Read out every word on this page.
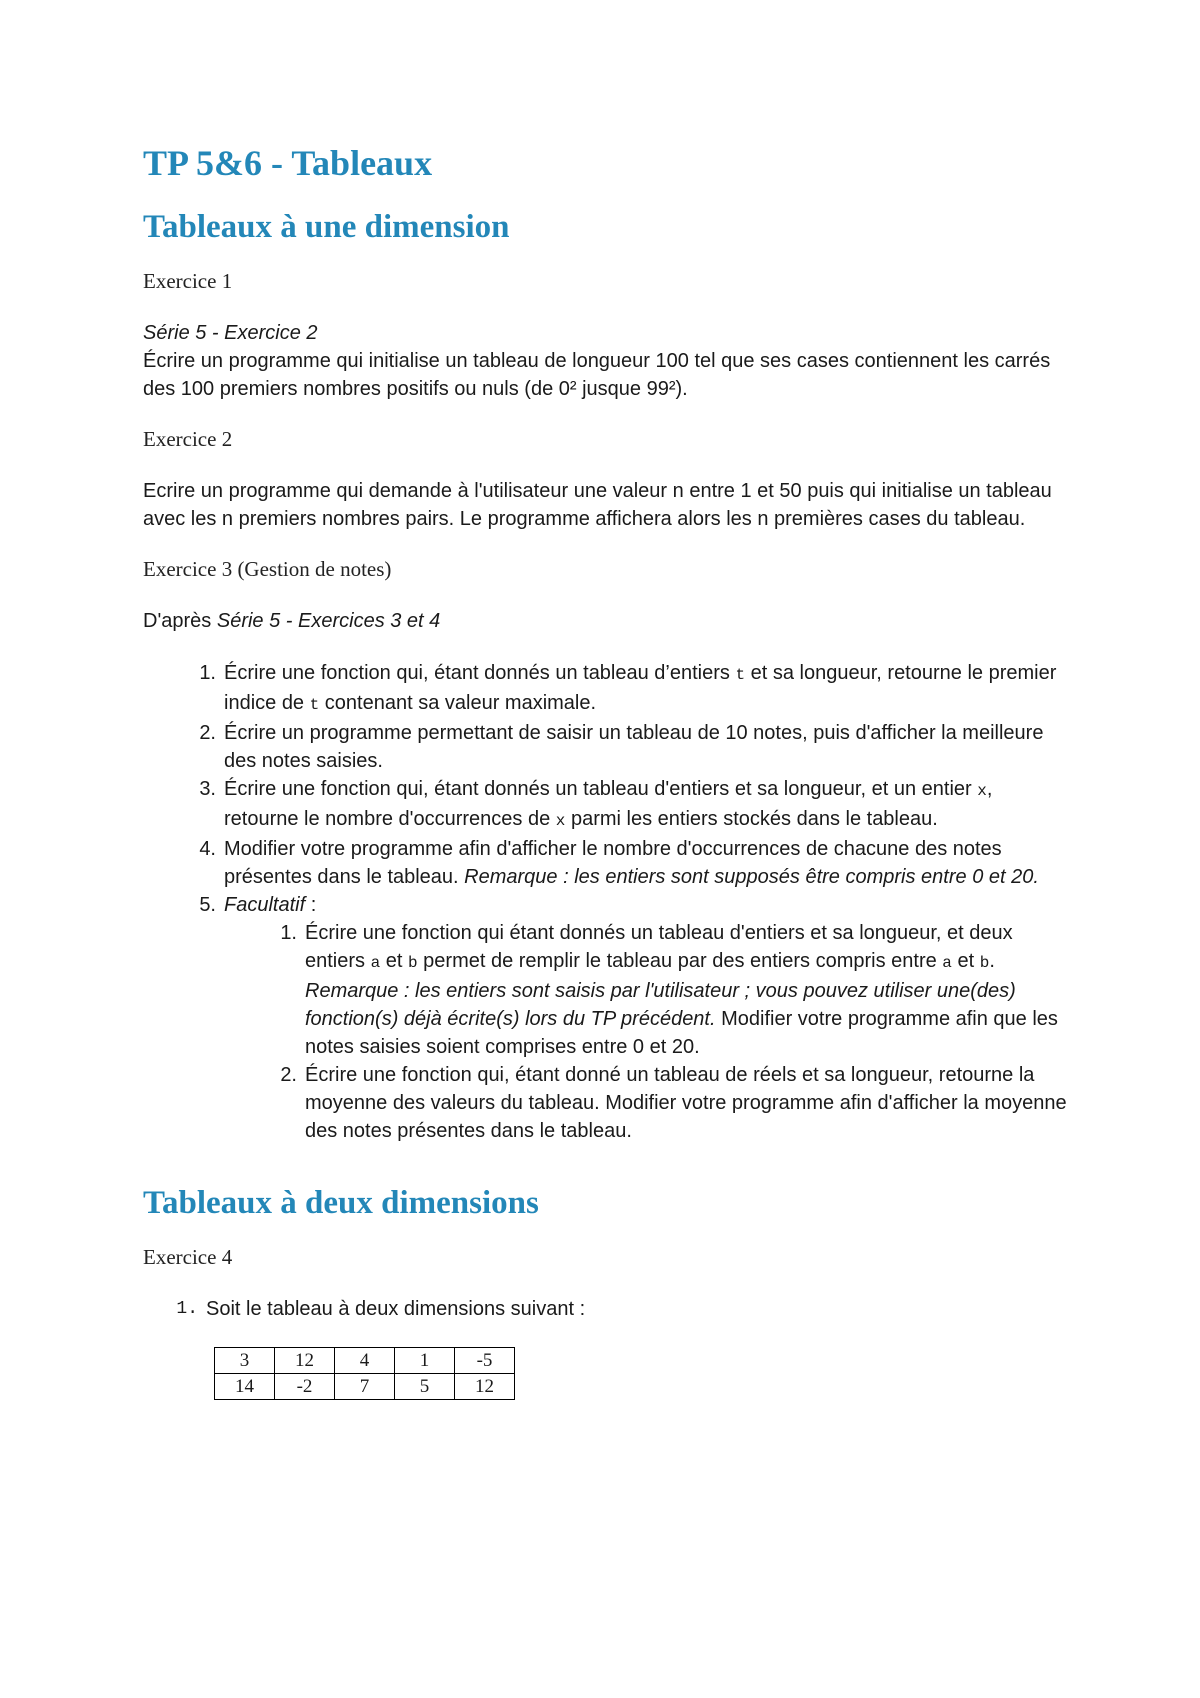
TP 5&6 - Tableaux
Tableaux à une dimension

Exercice 1

Série 5 - Exercice 2

Écrire un programme qui initialise un tableau de longueur 100 tel que ses cases contiennent les carrés des 100 premiers nombres positifs ou nuls (de 0² jusque 99²).

Exercice 2

Ecrire un programme qui demande à l'utilisateur une valeur n entre 1 et 50 puis qui initialise un tableau avec les n premiers nombres pairs. Le programme affichera alors les n premières cases du tableau.

Exercice 3 (Gestion de notes)

D'après Série 5 - Exercices 3 et 4

1. Écrire une fonction qui, étant donnés un tableau d’entiers t et sa longueur, retourne le premier indice de t contenant sa valeur maximale.
2. Écrire un programme permettant de saisir un tableau de 10 notes, puis d'afficher la meilleure des notes saisies.
3. Écrire une fonction qui, étant donnés un tableau d'entiers et sa longueur, et un entier x, retourne le nombre d'occurrences de x parmi les entiers stockés dans le tableau.
4. Modifier votre programme afin d'afficher le nombre d'occurrences de chacune des notes présentes dans le tableau. Remarque : les entiers sont supposés être compris entre 0 et 20.
5. Facultatif :
1. Écrire une fonction qui étant donnés un tableau d'entiers et sa longueur, et deux entiers a et b permet de remplir le tableau par des entiers compris entre a et b. Remarque : les entiers sont saisis par l'utilisateur ; vous pouvez utiliser une(des) fonction(s) déjà écrite(s) lors du TP précédent. Modifier votre programme afin que les notes saisies soient comprises entre 0 et 20.
2. Écrire une fonction qui, étant donné un tableau de réels et sa longueur, retourne la moyenne des valeurs du tableau. Modifier votre programme afin d'afficher la moyenne des notes présentes dans le tableau.
Tableaux à deux dimensions

Exercice 4

1. Soit le tableau à deux dimensions suivant :
3	12	4	1	-5
14	-2	7	5	12
